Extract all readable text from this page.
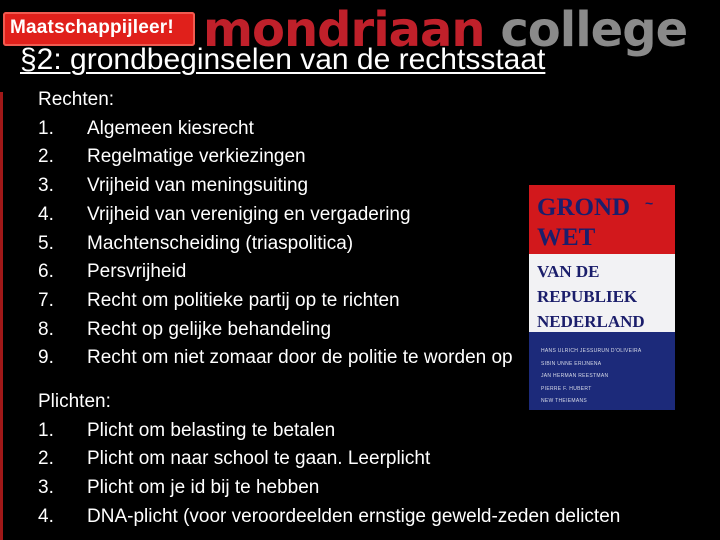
Maatschappijleer! mondriaan college
§2: grondbeginselen van de rechtsstaat
GROND
WET
~
VAN DE
REPUBLIEK
NEDERLAND
HANS ULRICH JESSURUN D'OLIVEIRA
SIBIN UNNE ERIJNENA
JAN HERMAN REESTMAN
PIERRE F. HUBERT
NEW THEIEMANS
Rechten:
1.	Algemeen kiesrecht
2.	Regelmatige verkiezingen
3.	Vrijheid van meningsuiting
4.	Vrijheid van vereniging en vergadering
5.	Machtenscheiding (triaspolitica)
6.	Persvrijheid
7.	Recht om politieke partij op te richten
8.	Recht op gelijke behandeling
9.	Recht om niet zomaar door de politie te worden op
Plichten:
1.	Plicht om belasting te betalen
2.	Plicht om naar school te gaan. Leerplicht
3.	Plicht om je id bij te hebben
4.	DNA-plicht (voor veroordeelden ernstige geweld-zeden delicten
